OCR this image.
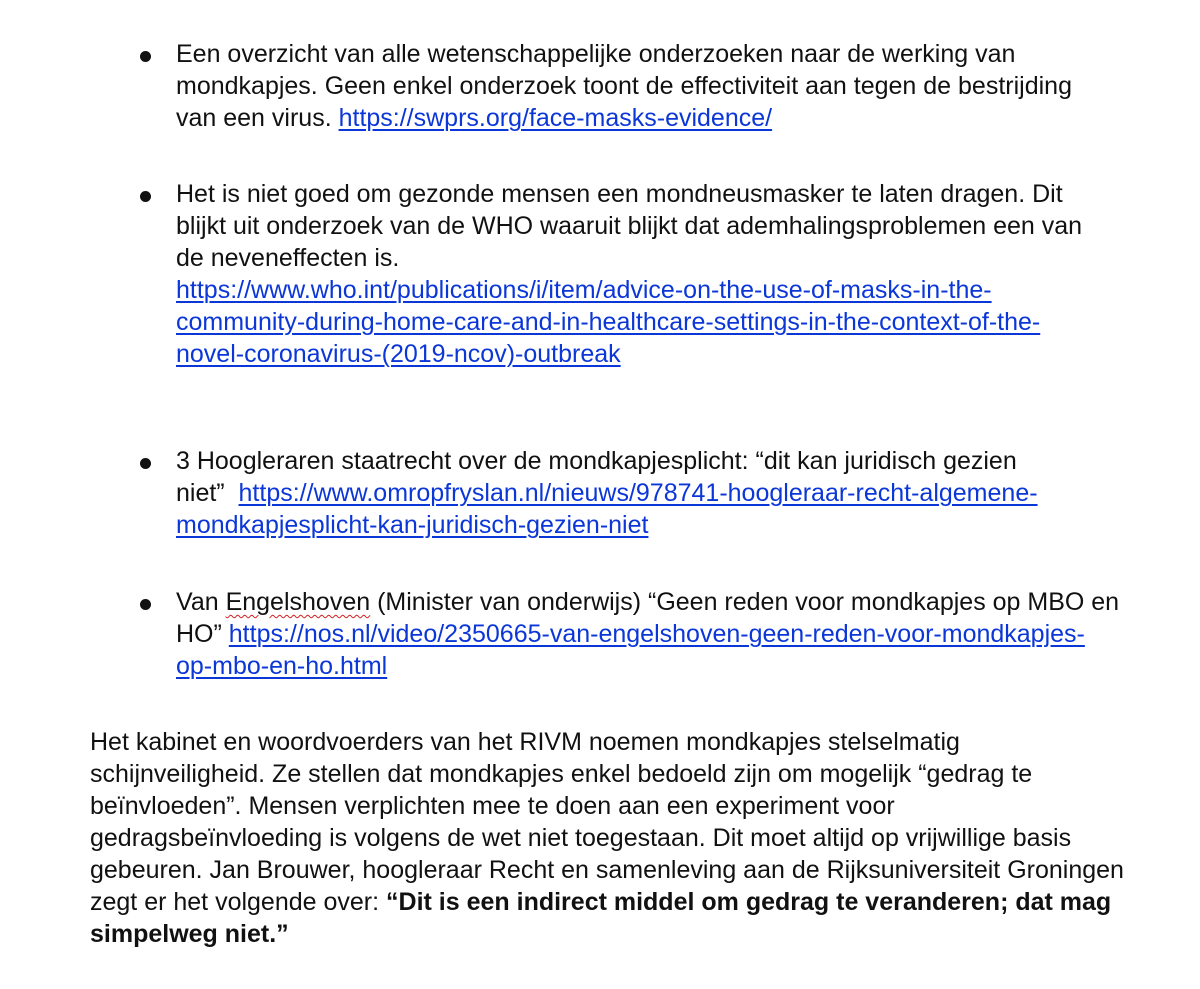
Een overzicht van alle wetenschappelijke onderzoeken naar de werking van
mondkapjes. Geen enkel onderzoek toont de effectiviteit aan tegen de bestrijding
van een virus. https://swprs.org/face-masks-evidence/
Het is niet goed om gezonde mensen een mondneusmasker te laten dragen. Dit
blijkt uit onderzoek van de WHO waaruit blijkt dat ademhalingsproblemen een van
de neveneffecten is.
https://www.who.int/publications/i/item/advice-on-the-use-of-masks-in-the-
community-during-home-care-and-in-healthcare-settings-in-the-context-of-the-
novel-coronavirus-(2019-ncov)-outbreak
3 Hoogleraren staatrecht over de mondkapjesplicht: “dit kan juridisch gezien
niet”  https://www.omropfryslan.nl/nieuws/978741-hoogleraar-recht-algemene-
mondkapjesplicht-kan-juridisch-gezien-niet
Van Engelshoven (Minister van onderwijs) “Geen reden voor mondkapjes op MBO en
HO” https://nos.nl/video/2350665-van-engelshoven-geen-reden-voor-mondkapjes-
op-mbo-en-ho.html
Het kabinet en woordvoerders van het RIVM noemen mondkapjes stelselmatig
schijnveiligheid. Ze stellen dat mondkapjes enkel bedoeld zijn om mogelijk “gedrag te
beïnvloeden”. Mensen verplichten mee te doen aan een experiment voor
gedragsbeïnvloeding is volgens de wet niet toegestaan. Dit moet altijd op vrijwillige basis
gebeuren. Jan Brouwer, hoogleraar Recht en samenleving aan de Rijksuniversiteit Groningen
zegt er het volgende over: “Dit is een indirect middel om gedrag te veranderen; dat mag
simpelweg niet.”
